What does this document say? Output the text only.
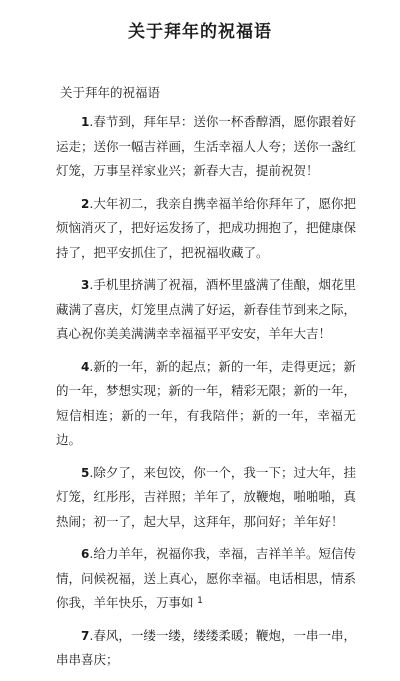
关于拜年的祝福语
关于拜年的祝福语

1.春节到，拜年早：送你一杯香醇酒，愿你跟着好运走；送你一幅吉祥画，生活幸福人人夸；送你一盏红灯笼，万事呈祥家业兴；新春大吉，提前祝贺！

2.大年初二，我亲自携幸福羊给你拜年了，愿你把烦恼消灭了，把好运发扬了，把成功拥抱了，把健康保持了，把平安抓住了，把祝福收藏了。

3.手机里挤满了祝福，酒杯里盛满了佳酿，烟花里藏满了喜庆，灯笼里点满了好运，新春佳节到来之际，真心祝你美美满满幸幸福福平平安安，羊年大吉！

4.新的一年，新的起点；新的一年，走得更远；新的一年，梦想实现；新的一年，精彩无限；新的一年，短信相连；新的一年，有我陪伴；新的一年，幸福无边。

5.除夕了，来包饺，你一个，我一下；过大年，挂灯笼，红彤彤，吉祥照；羊年了，放鞭炮，啪啪啪，真热闹；初一了，起大早，这拜年，那问好；羊年好！

6.给力羊年，祝福你我，幸福，吉祥羊羊。短信传情，问候祝福，送上真心，愿你幸福。电话相思，情系你我，羊年快乐，万事如

7.春风，一缕一缕，缕缕柔暖；鞭炮，一串一串，串串喜庆；

1
